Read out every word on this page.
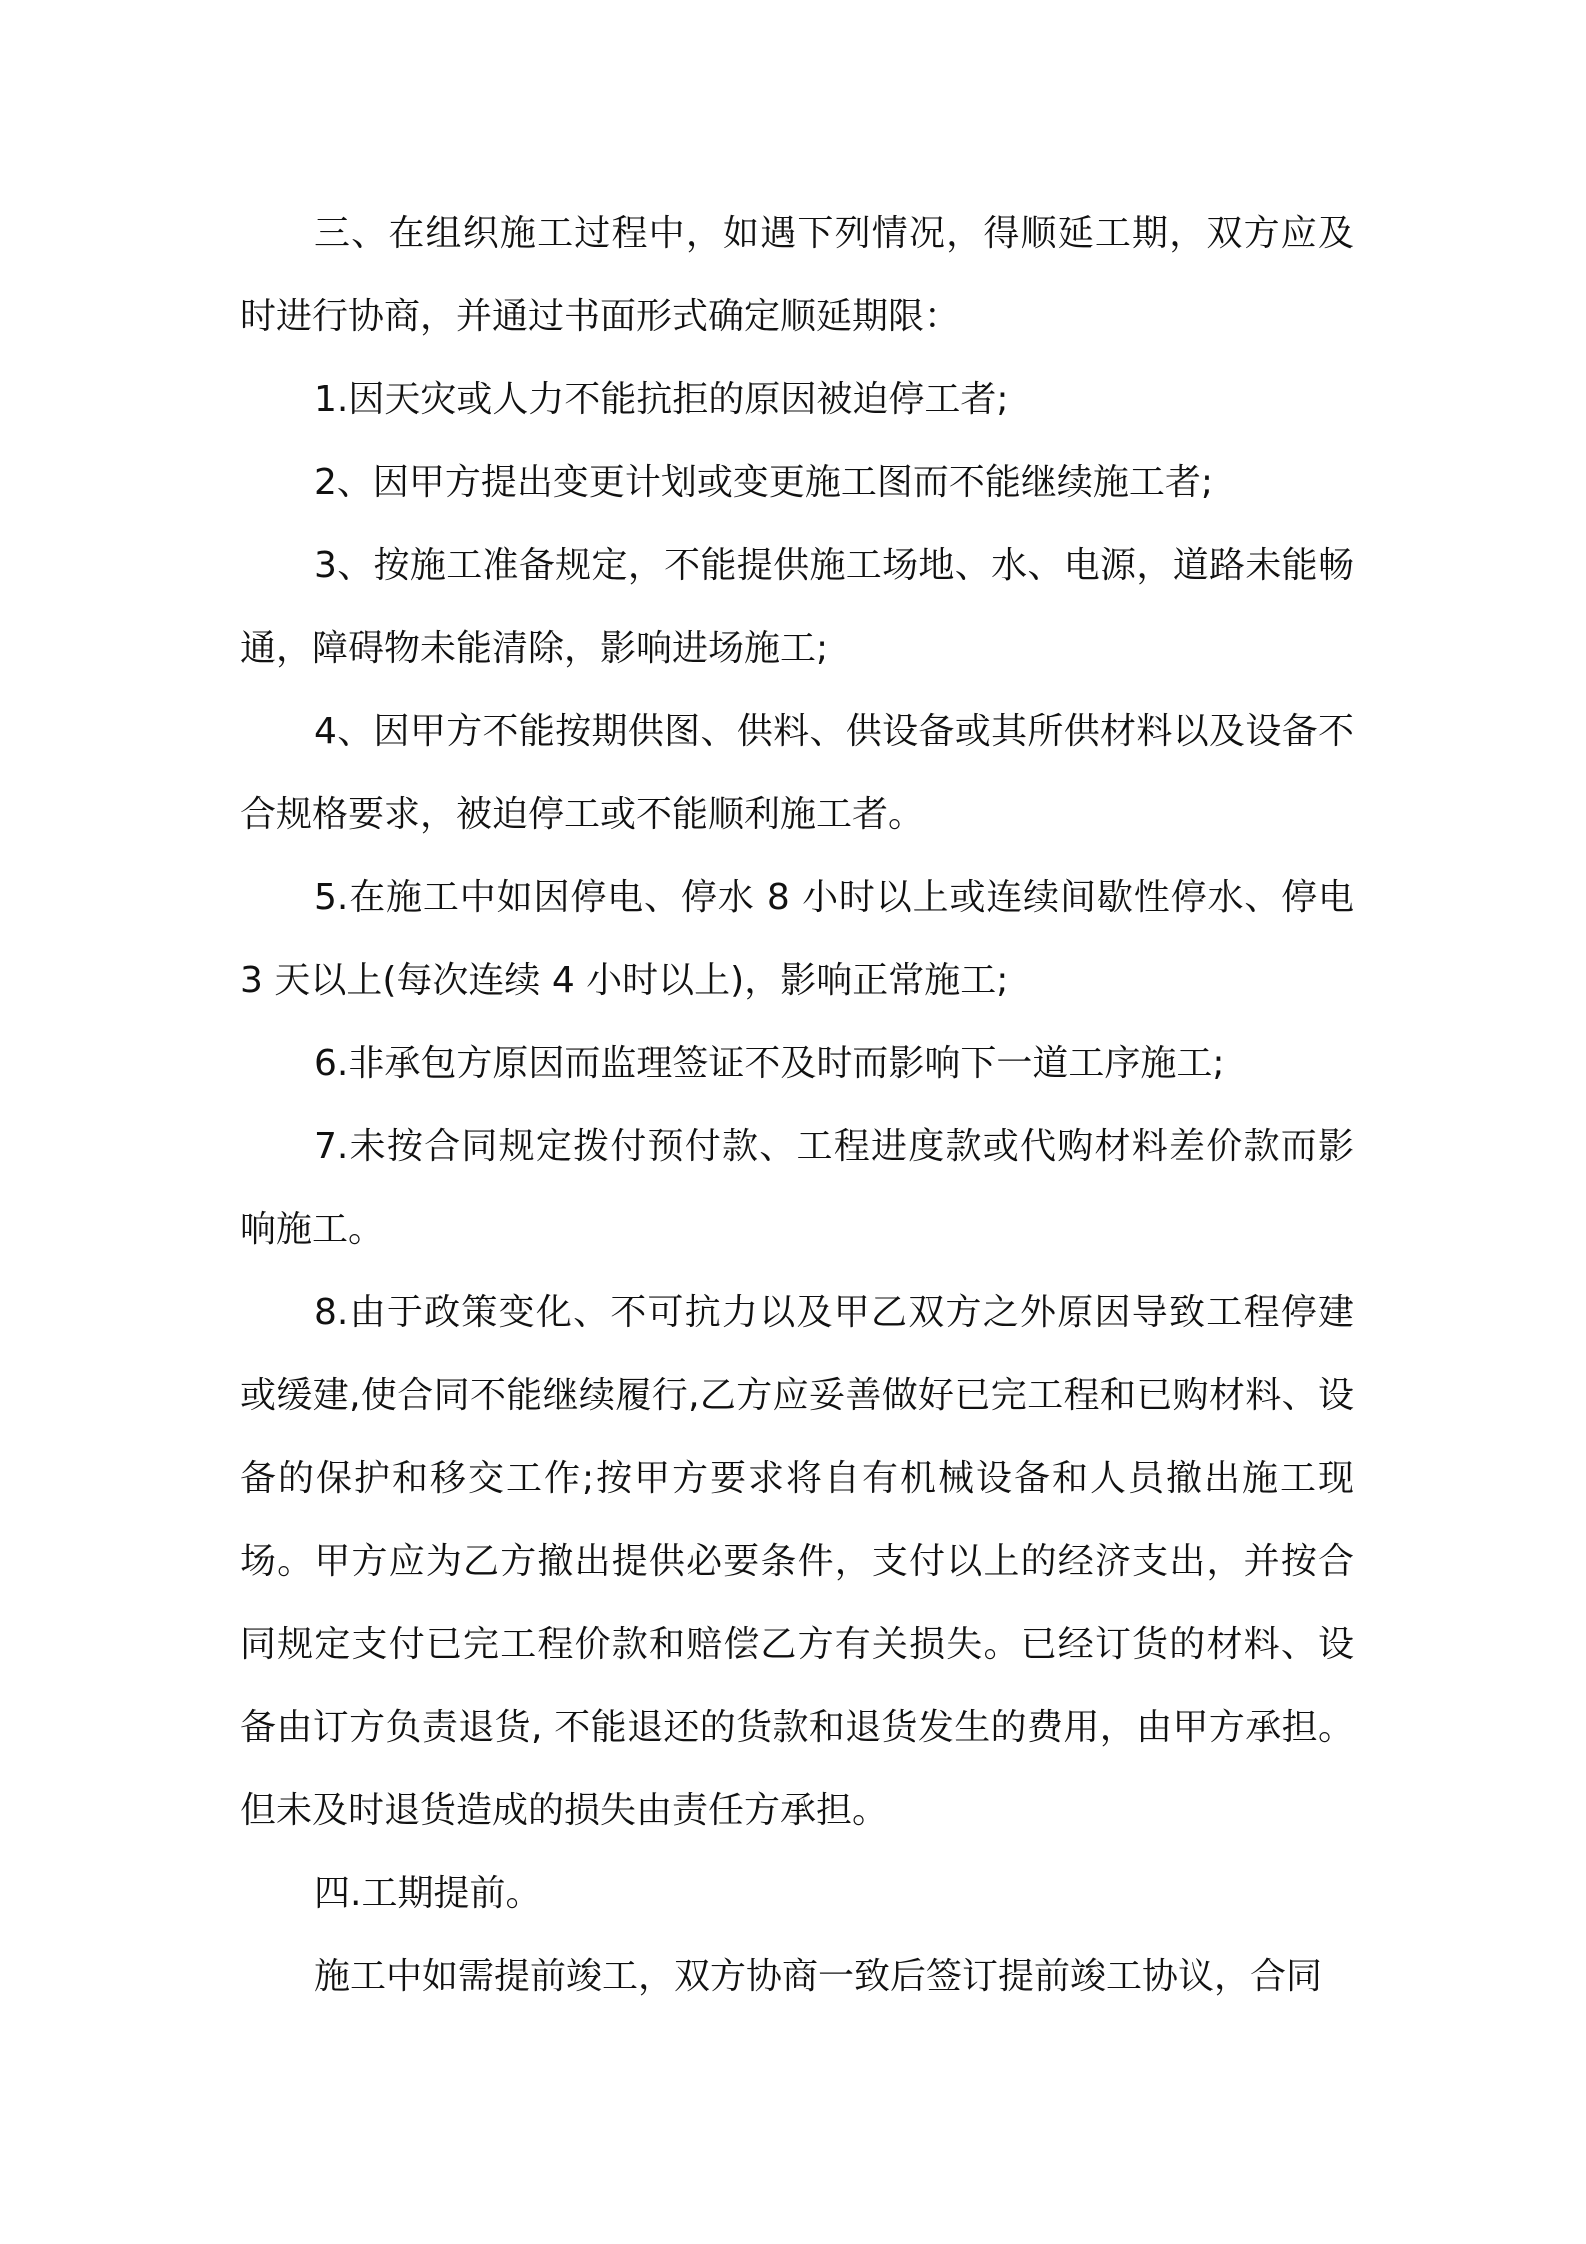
三、在组织施工过程中，如遇下列情况，得顺延工期，双方应及时进行协商，并通过书面形式确定顺延期限：

1.因天灾或人力不能抗拒的原因被迫停工者;

2、因甲方提出变更计划或变更施工图而不能继续施工者;

3、按施工准备规定，不能提供施工场地、水、电源，道路未能畅通，障碍物未能清除，影响进场施工;

4、因甲方不能按期供图、供料、供设备或其所供材料以及设备不合规格要求，被迫停工或不能顺利施工者。

5.在施工中如因停电、停水 8 小时以上或连续间歇性停水、停电 3 天以上(每次连续 4 小时以上)，影响正常施工;

6.非承包方原因而监理签证不及时而影响下一道工序施工;

7.未按合同规定拨付预付款、工程进度款或代购材料差价款而影响施工。

8.由于政策变化、不可抗力以及甲乙双方之外原因导致工程停建或缓建,使合同不能继续履行,乙方应妥善做好已完工程和已购材料、设备的保护和移交工作;按甲方要求将自有机械设备和人员撤出施工现场。甲方应为乙方撤出提供必要条件，支付以上的经济支出，并按合同规定支付已完工程价款和赔偿乙方有关损失。已经订货的材料、设备由订方负责退货, 不能退还的货款和退货发生的费用，由甲方承担。但未及时退货造成的损失由责任方承担。

四.工期提前。

施工中如需提前竣工，双方协商一致后签订提前竣工协议，合同
